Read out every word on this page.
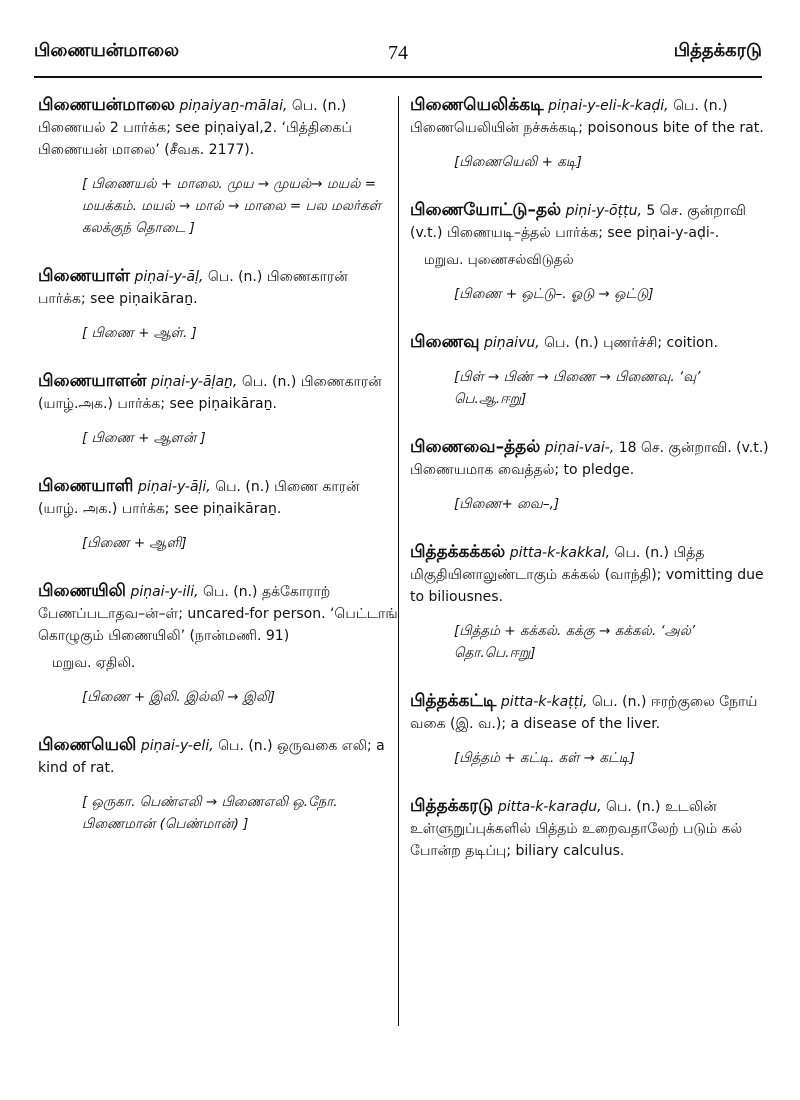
பிணையன்மாலை	74	பித்தக்கரடு
பிணையன்மாலை piṇaiyaṉ-mālai, பெ. (n.) பிணையல் 2 பார்க்க; see piṇaiyal,2. ‘பித்திகைப் பிணையன் மாலை’ (சீவக. 2177).
[ பிணையல் + மாலை. முய → முயல்→ மயல் = மயக்கம். மயல் → மால் → மாலை = பல மலர்கள் கலக்குந் தொடை ]
பிணையாள் piṇai-y-āḷ, பெ. (n.) பிணைகாரன் பார்க்க; see piṇaikāraṉ.
[ பிணை + ஆள். ]
பிணையாளன் piṇai-y-āḷaṉ, பெ. (n.) பிணைகாரன் (யாழ்.அக.) பார்க்க; see piṇaikāraṉ.
[ பிணை + ஆளன் ]
பிணையாளி piṇai-y-āḷi, பெ. (n.) பிணை காரன் (யாழ். அக.) பார்க்க; see piṇaikāraṉ.
[பிணை + ஆளி]
பிணையிலி piṇai-y-ili, பெ. (n.) தக்கோராற் பேணப்படாதவ–ன்–ள்; uncared-for person. ‘பெட்டாங் கொழுகும் பிணையிலி’ (நான்மணி. 91)
மறுவ. ஏதிலி.
[பிணை + இலி. இல்லி → இலி]
பிணையெலி piṇai-y-eli, பெ. (n.) ஒருவகை எலி; a kind of rat.
[ ஒருகா. பெண்எலி → பிணைஎலி ஒ.நோ. பிணைமான் (பெண்மான்) ]
பிணையெலிக்கடி piṇai-y-eli-k-kaḍi, பெ. (n.) பிணையெலியின் நச்சுக்கடி; poisonous bite of the rat.
[பிணையெலி + கடி]
பிணையோட்டு–தல் piṇi-y-ōṭṭu, 5 செ. குன்றாவி (v.t.) பிணையடி–த்தல் பார்க்க; see piṇai-y-aḍi-.
மறுவ. புணைசல்விடுதல்
[பிணை + ஒட்டு–. ஓடு → ஒட்டு]
பிணைவு piṇaivu, பெ. (n.) புணர்ச்சி; coition.
[பிள் → பிண் → பிணை → பிணைவு. ‘வு’ பெ.ஆ.ஈறு]
பிணைவை–த்தல் piṇai-vai-, 18 செ. குன்றாவி. (v.t.) பிணையமாக வைத்தல்; to pledge.
[பிணை+ வை–,]
பித்தக்கக்கல் pitta-k-kakkal, பெ. (n.) பித்த மிகுதியினாலுண்டாகும் கக்கல் (வாந்தி); vomitting due to biliousnes.
[பித்தம் + கக்கல். கக்கு → கக்கல். ‘அல்’ தொ.பெ.ஈறு]
பித்தக்கட்டி pitta-k-kaṭṭi, பெ. (n.) ஈரற்குலை நோய் வகை (இ. வ.); a disease of the liver.
[பித்தம் + கட்டி. கள் → கட்டி]
பித்தக்கரடு pitta-k-karaḍu, பெ. (n.) உடலின் உள்ளுறுப்புக்களில் பித்தம் உறைவதாலேற் படும் கல் போன்ற தடிப்பு; biliary calculus.
